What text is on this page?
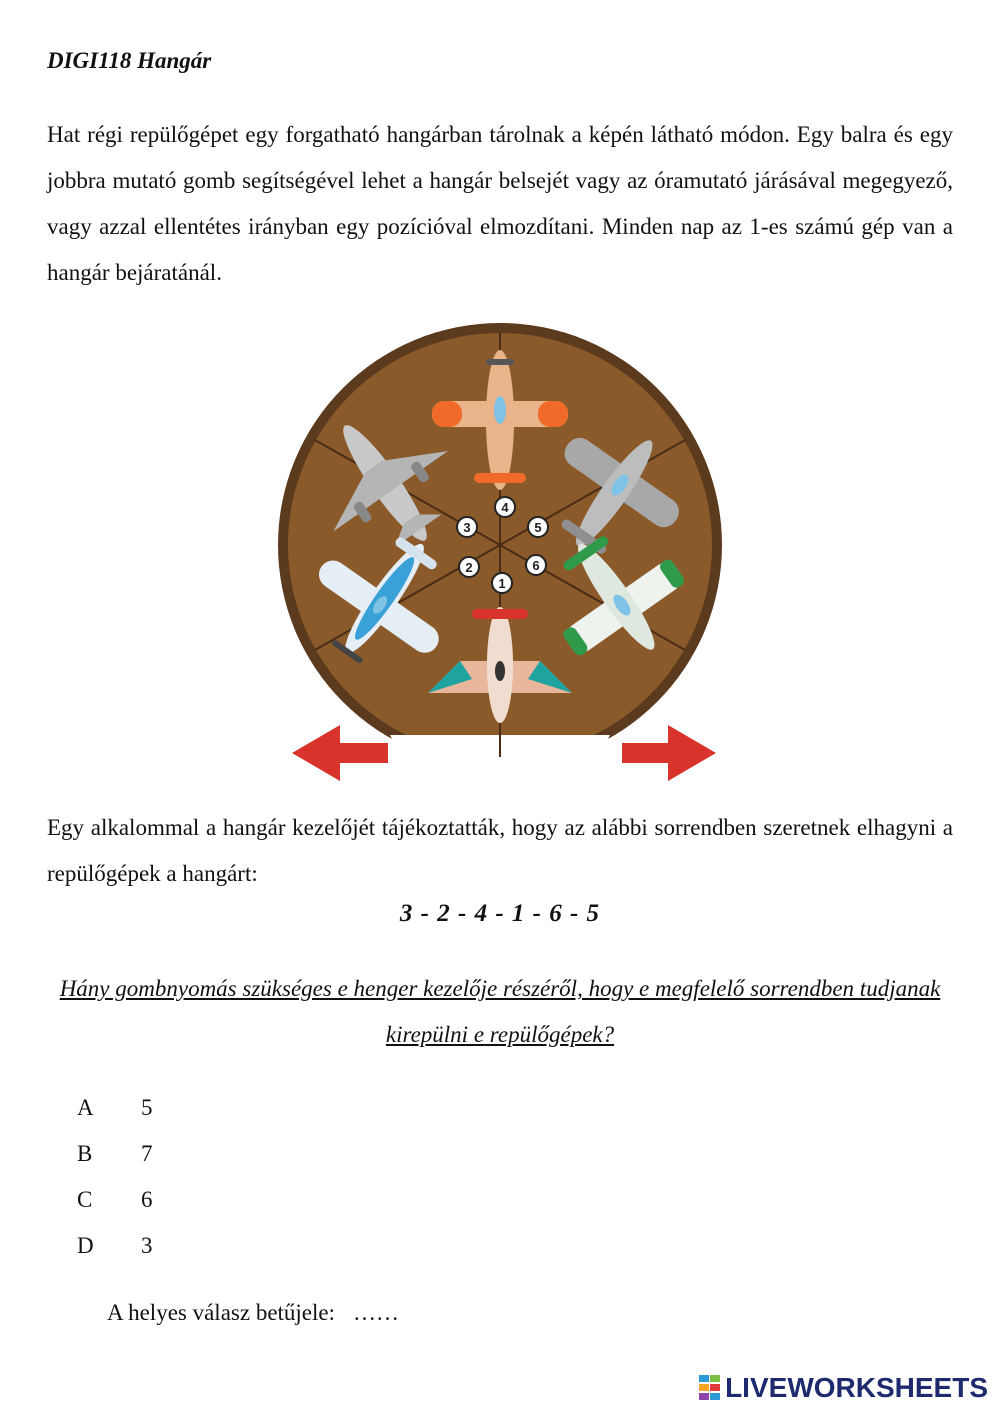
DIGI118 Hangár
Hat régi repülőgépet egy forgatható hangárban tárolnak a képén látható módon. Egy balra és egy jobbra mutató gomb segítségével lehet a hangár belsejét vagy az óramutató járásával megegyező, vagy azzal ellentétes irányban egy pozícióval elmozdítani. Minden nap az 1-es számú gép van a hangár bejáratánál.
4
3	5
2	6
1
Egy alkalommal a hangár kezelőjét tájékoztatták, hogy az alábbi sorrendben szeretnek elhagyni a repülőgépek a hangárt:
3 - 2 - 4 - 1 - 6 - 5
Hány gombnyomás szükséges e henger kezelője részéről, hogy e megfelelő sorrendben tudjanak kirepülni e repülőgépek?
A	5
B	7
C	6
D	3
A helyes válasz betűjele: ……
LIVEWORKSHEETS
